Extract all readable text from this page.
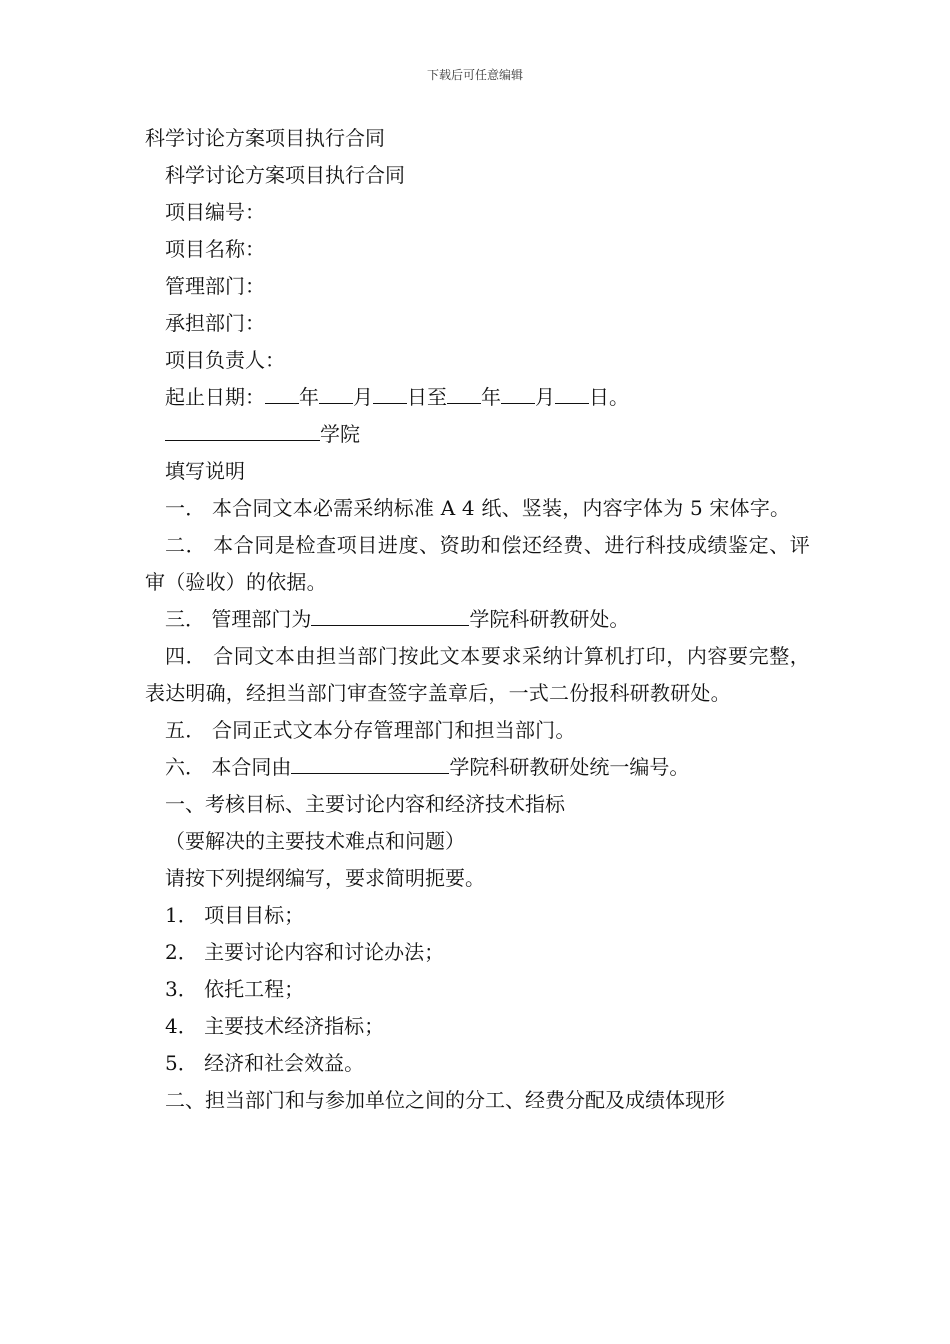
下载后可任意编辑

科学讨论方案项目执行合同

科学讨论方案项目执行合同

项目编号：

项目名称：

管理部门：

承担部门：

项目负责人：

起止日期： 年 月 日至 年 月 日。

学院

填写说明

一． 本合同文本必需采纳标准 A 4 纸、竖装，内容字体为 5 宋体字。

二． 本合同是检查项目进度、资助和偿还经费、进行科技成绩鉴定、评审（验收）的依据。

三． 管理部门为	学院科研教研处。

四． 合同文本由担当部门按此文本要求采纳计算机打印，内容要完整，表达明确，经担当部门审查签字盖章后，一式二份报科研教研处。

五． 合同正式文本分存管理部门和担当部门。

六． 本合同由	学院科研教研处统一编号。

一、考核目标、主要讨论内容和经济技术指标

（要解决的主要技术难点和问题）

请按下列提纲编写，要求简明扼要。

1． 项目目标；

2． 主要讨论内容和讨论办法；

3． 依托工程；

4． 主要技术经济指标；

5． 经济和社会效益。

二、担当部门和与参加单位之间的分工、经费分配及成绩体现形
